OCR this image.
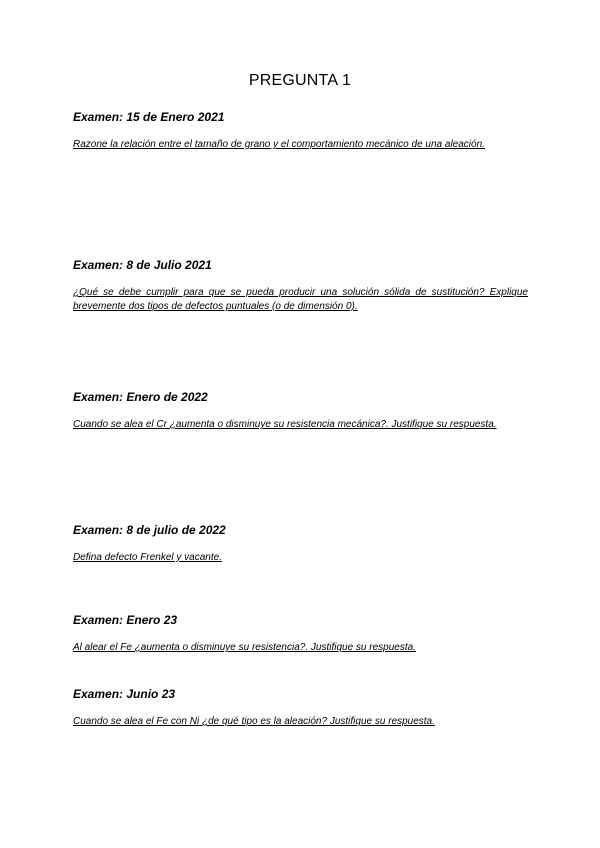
PREGUNTA 1

Examen: 15 de Enero 2021

Razone la relación entre el tamaño de grano y el comportamiento mecánico de una aleación.

Examen: 8 de Julio 2021

¿Qué se debe cumplir para que se pueda producir una solución sólida de sustitución? Explique brevemente dos tipos de defectos puntuales (o de dimensión 0).

Examen: Enero de 2022

Cuando se alea el Cr ¿aumenta o disminuye su resistencia mecánica?. Justifique su respuesta.

Examen: 8 de julio de 2022

Defina defecto Frenkel y vacante.

Examen: Enero 23

Al alear el Fe ¿aumenta o disminuye su resistencia?. Justifique su respuesta.

Examen: Junio 23

Cuando se alea el Fe con Ni ¿de qué tipo es la aleación? Justifique su respuesta.
